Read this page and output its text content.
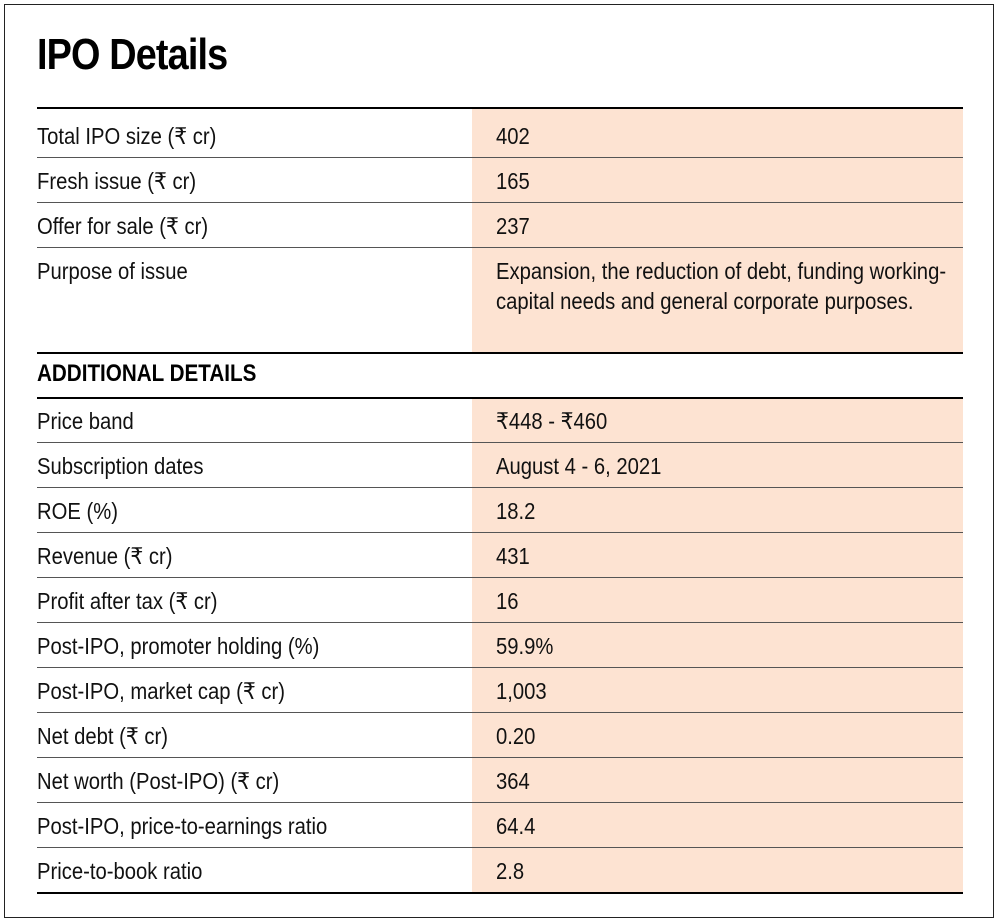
IPO Details
Total IPO size (₹ cr)	402
Fresh issue (₹ cr)	165
Offer for sale (₹ cr)	237
Purpose of issue	Expansion, the reduction of debt, funding working-capital needs and general corporate purposes.
ADDITIONAL DETAILS
Price band	₹448 - ₹460
Subscription dates	August 4 - 6, 2021
ROE (%)	18.2
Revenue (₹ cr)	431
Profit after tax (₹ cr)	16
Post-IPO, promoter holding (%)	59.9%
Post-IPO, market cap (₹ cr)	1,003
Net debt (₹ cr)	0.20
Net worth (Post-IPO) (₹ cr)	364
Post-IPO, price-to-earnings ratio	64.4
Price-to-book ratio	2.8
